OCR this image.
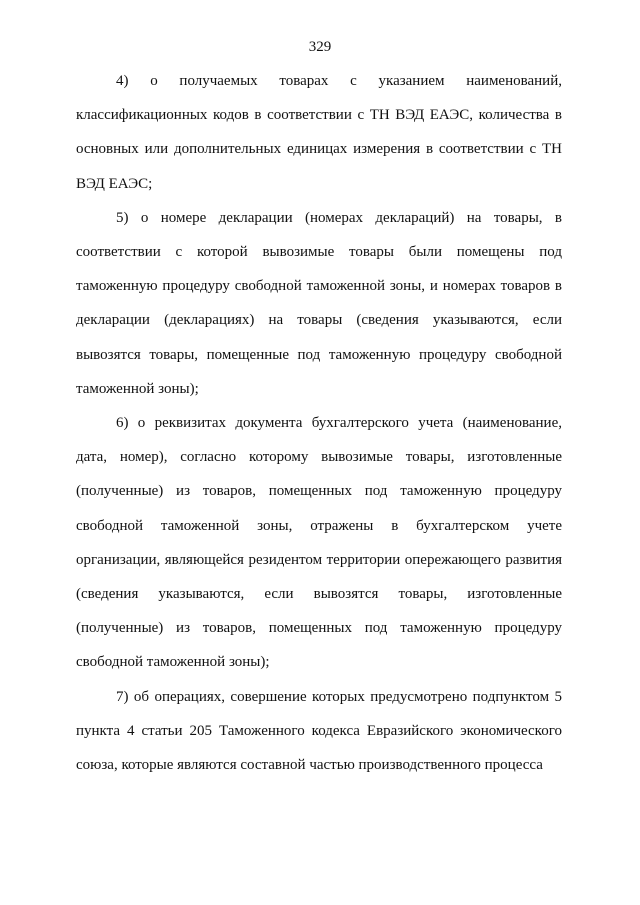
329

4) о получаемых товарах с указанием наименований, классификационных кодов в соответствии с ТН ВЭД ЕАЭС, количества в основных или дополнительных единицах измерения в соответствии с ТН ВЭД ЕАЭС;

5) о номере декларации (номерах деклараций) на товары, в соответствии с которой вывозимые товары были помещены под таможенную процедуру свободной таможенной зоны, и номерах товаров в декларации (декларациях) на товары (сведения указываются, если вывозятся товары, помещенные под таможенную процедуру свободной таможенной зоны);

6) о реквизитах документа бухгалтерского учета (наименование, дата, номер), согласно которому вывозимые товары, изготовленные (полученные) из товаров, помещенных под таможенную процедуру свободной таможенной зоны, отражены в бухгалтерском учете организации, являющейся резидентом территории опережающего развития (сведения указываются, если вывозятся товары, изготовленные (полученные) из товаров, помещенных под таможенную процедуру свободной таможенной зоны);

7) об операциях, совершение которых предусмотрено подпунктом 5 пункта 4 статьи 205 Таможенного кодекса Евразийского экономического союза, которые являются составной частью производственного процесса
